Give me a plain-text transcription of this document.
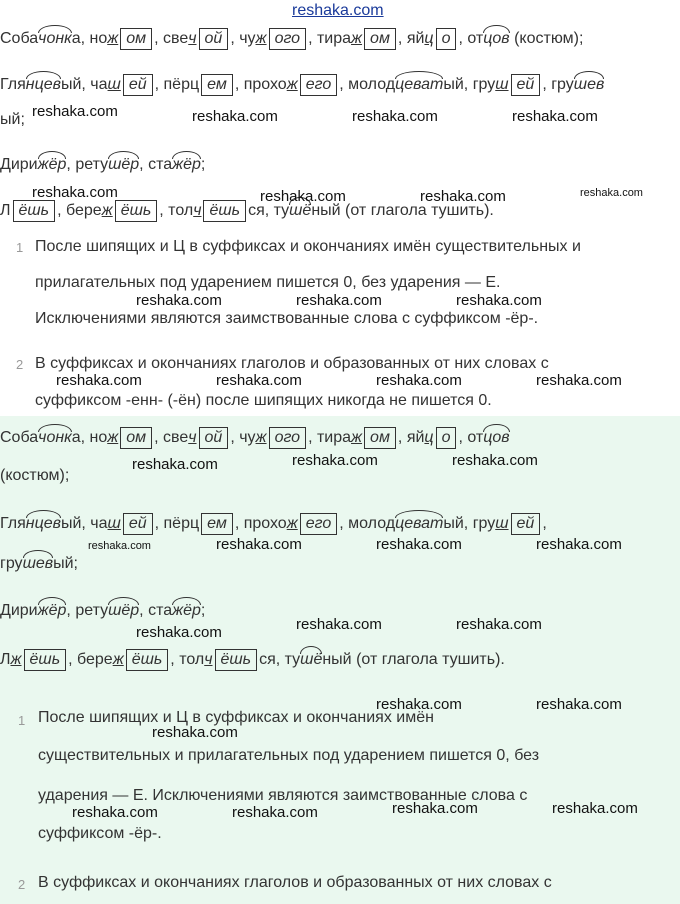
Собачонка, нож ом , свеч ой , чуж ого , тираж ом , яйц о , отцов (костюм);
Глянцевый, чаш ей , пёрц ем , прохож его , молодцеватый, груш ей , грушев
ый;
Дирижёр, ретушёр, стажёр;
Л ёшь , береж ёшь , толч ёшь ся, тушёный (от глагола тушить).
1 После шипящих и Ц в суффиксах и окончаниях имён существительных и
прилагательных под ударением пишется 0, без ударения — Е.
Исключениями являются заимствованные слова с суффиксом -ёр-.
2 В суффиксах и окончаниях глаголов и образованных от них словах с
суффиксом -енн- (-ён) после шипящих никогда не пишется 0.
Собачонка, нож ом , свеч ой , чуж ого , тираж ом , яйц о , отцов
(костюм);
Глянцевый, чаш ей , пёрц ем , прохож его , молодцеватый, груш ей ,
грушевый;
Дирижёр, ретушёр, стажёр;
Лж ёшь , береж ёшь , толч ёшь ся, тушёный (от глагола тушить).
1 После шипящих и Ц в суффиксах и окончаниях имён
существительных и прилагательных под ударением пишется 0, без
ударения — Е. Исключениями являются заимствованные слова с
суффиксом -ёр-.
2 В суффиксах и окончаниях глаголов и образованных от них словах с
reshaka.com
reshaka.com	reshaka.com	reshaka.com	reshaka.com
reshaka.com	reshaka.com	reshaka.com	reshaka.com
reshaka.com	reshaka.com	reshaka.com
reshaka.com	reshaka.com	reshaka.com	reshaka.com
reshaka.com	reshaka.com	reshaka.com
reshaka.com	reshaka.com	reshaka.com	reshaka.com
reshaka.com	reshaka.com	reshaka.com
reshaka.com	reshaka.com
reshaka.com
reshaka.com	reshaka.com
reshaka.com	reshaka.com
